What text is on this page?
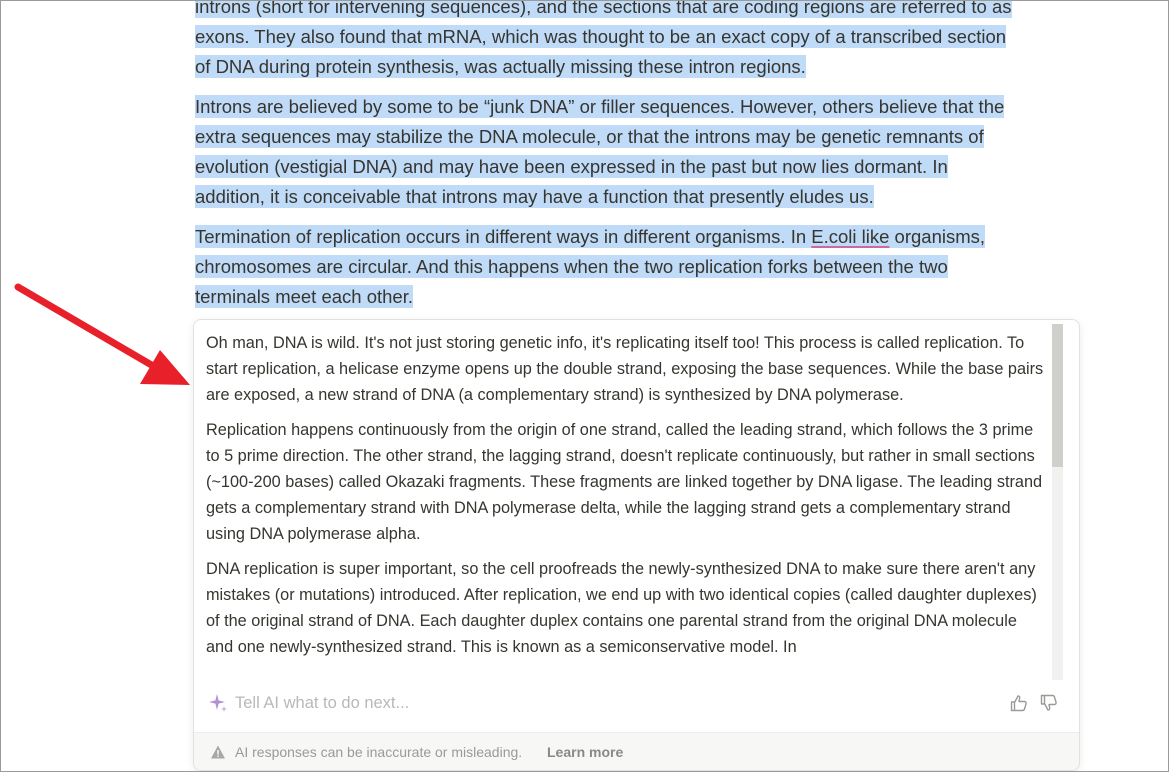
introns (short for intervening sequences), and the sections that are coding regions are referred to as
exons. They also found that mRNA, which was thought to be an exact copy of a transcribed section
of DNA during protein synthesis, was actually missing these intron regions.
Introns are believed by some to be “junk DNA” or filler sequences. However, others believe that the
extra sequences may stabilize the DNA molecule, or that the introns may be genetic remnants of
evolution (vestigial DNA) and may have been expressed in the past but now lies dormant. In
addition, it is conceivable that introns may have a function that presently eludes us.
Termination of replication occurs in different ways in different organisms. In E.coli like organisms,
chromosomes are circular. And this happens when the two replication forks between the two
terminals meet each other.

Oh man, DNA is wild. It's not just storing genetic info, it's replicating itself too! This process is called replication. To start replication, a helicase enzyme opens up the double strand, exposing the base sequences. While the base pairs are exposed, a new strand of DNA (a complementary strand) is synthesized by DNA polymerase.

Replication happens continuously from the origin of one strand, called the leading strand, which follows the 3 prime to 5 prime direction. The other strand, the lagging strand, doesn't replicate continuously, but rather in small sections (~100-200 bases) called Okazaki fragments. These fragments are linked together by DNA ligase. The leading strand gets a complementary strand with DNA polymerase delta, while the lagging strand gets a complementary strand using DNA polymerase alpha.

DNA replication is super important, so the cell proofreads the newly-synthesized DNA to make sure there aren't any mistakes (or mutations) introduced. After replication, we end up with two identical copies (called daughter duplexes) of the original strand of DNA. Each daughter duplex contains one parental strand from the original DNA molecule and one newly-synthesized strand. This is known as a semiconservative model. In

Tell AI what to do next...
AI responses can be inaccurate or misleading. Learn more
